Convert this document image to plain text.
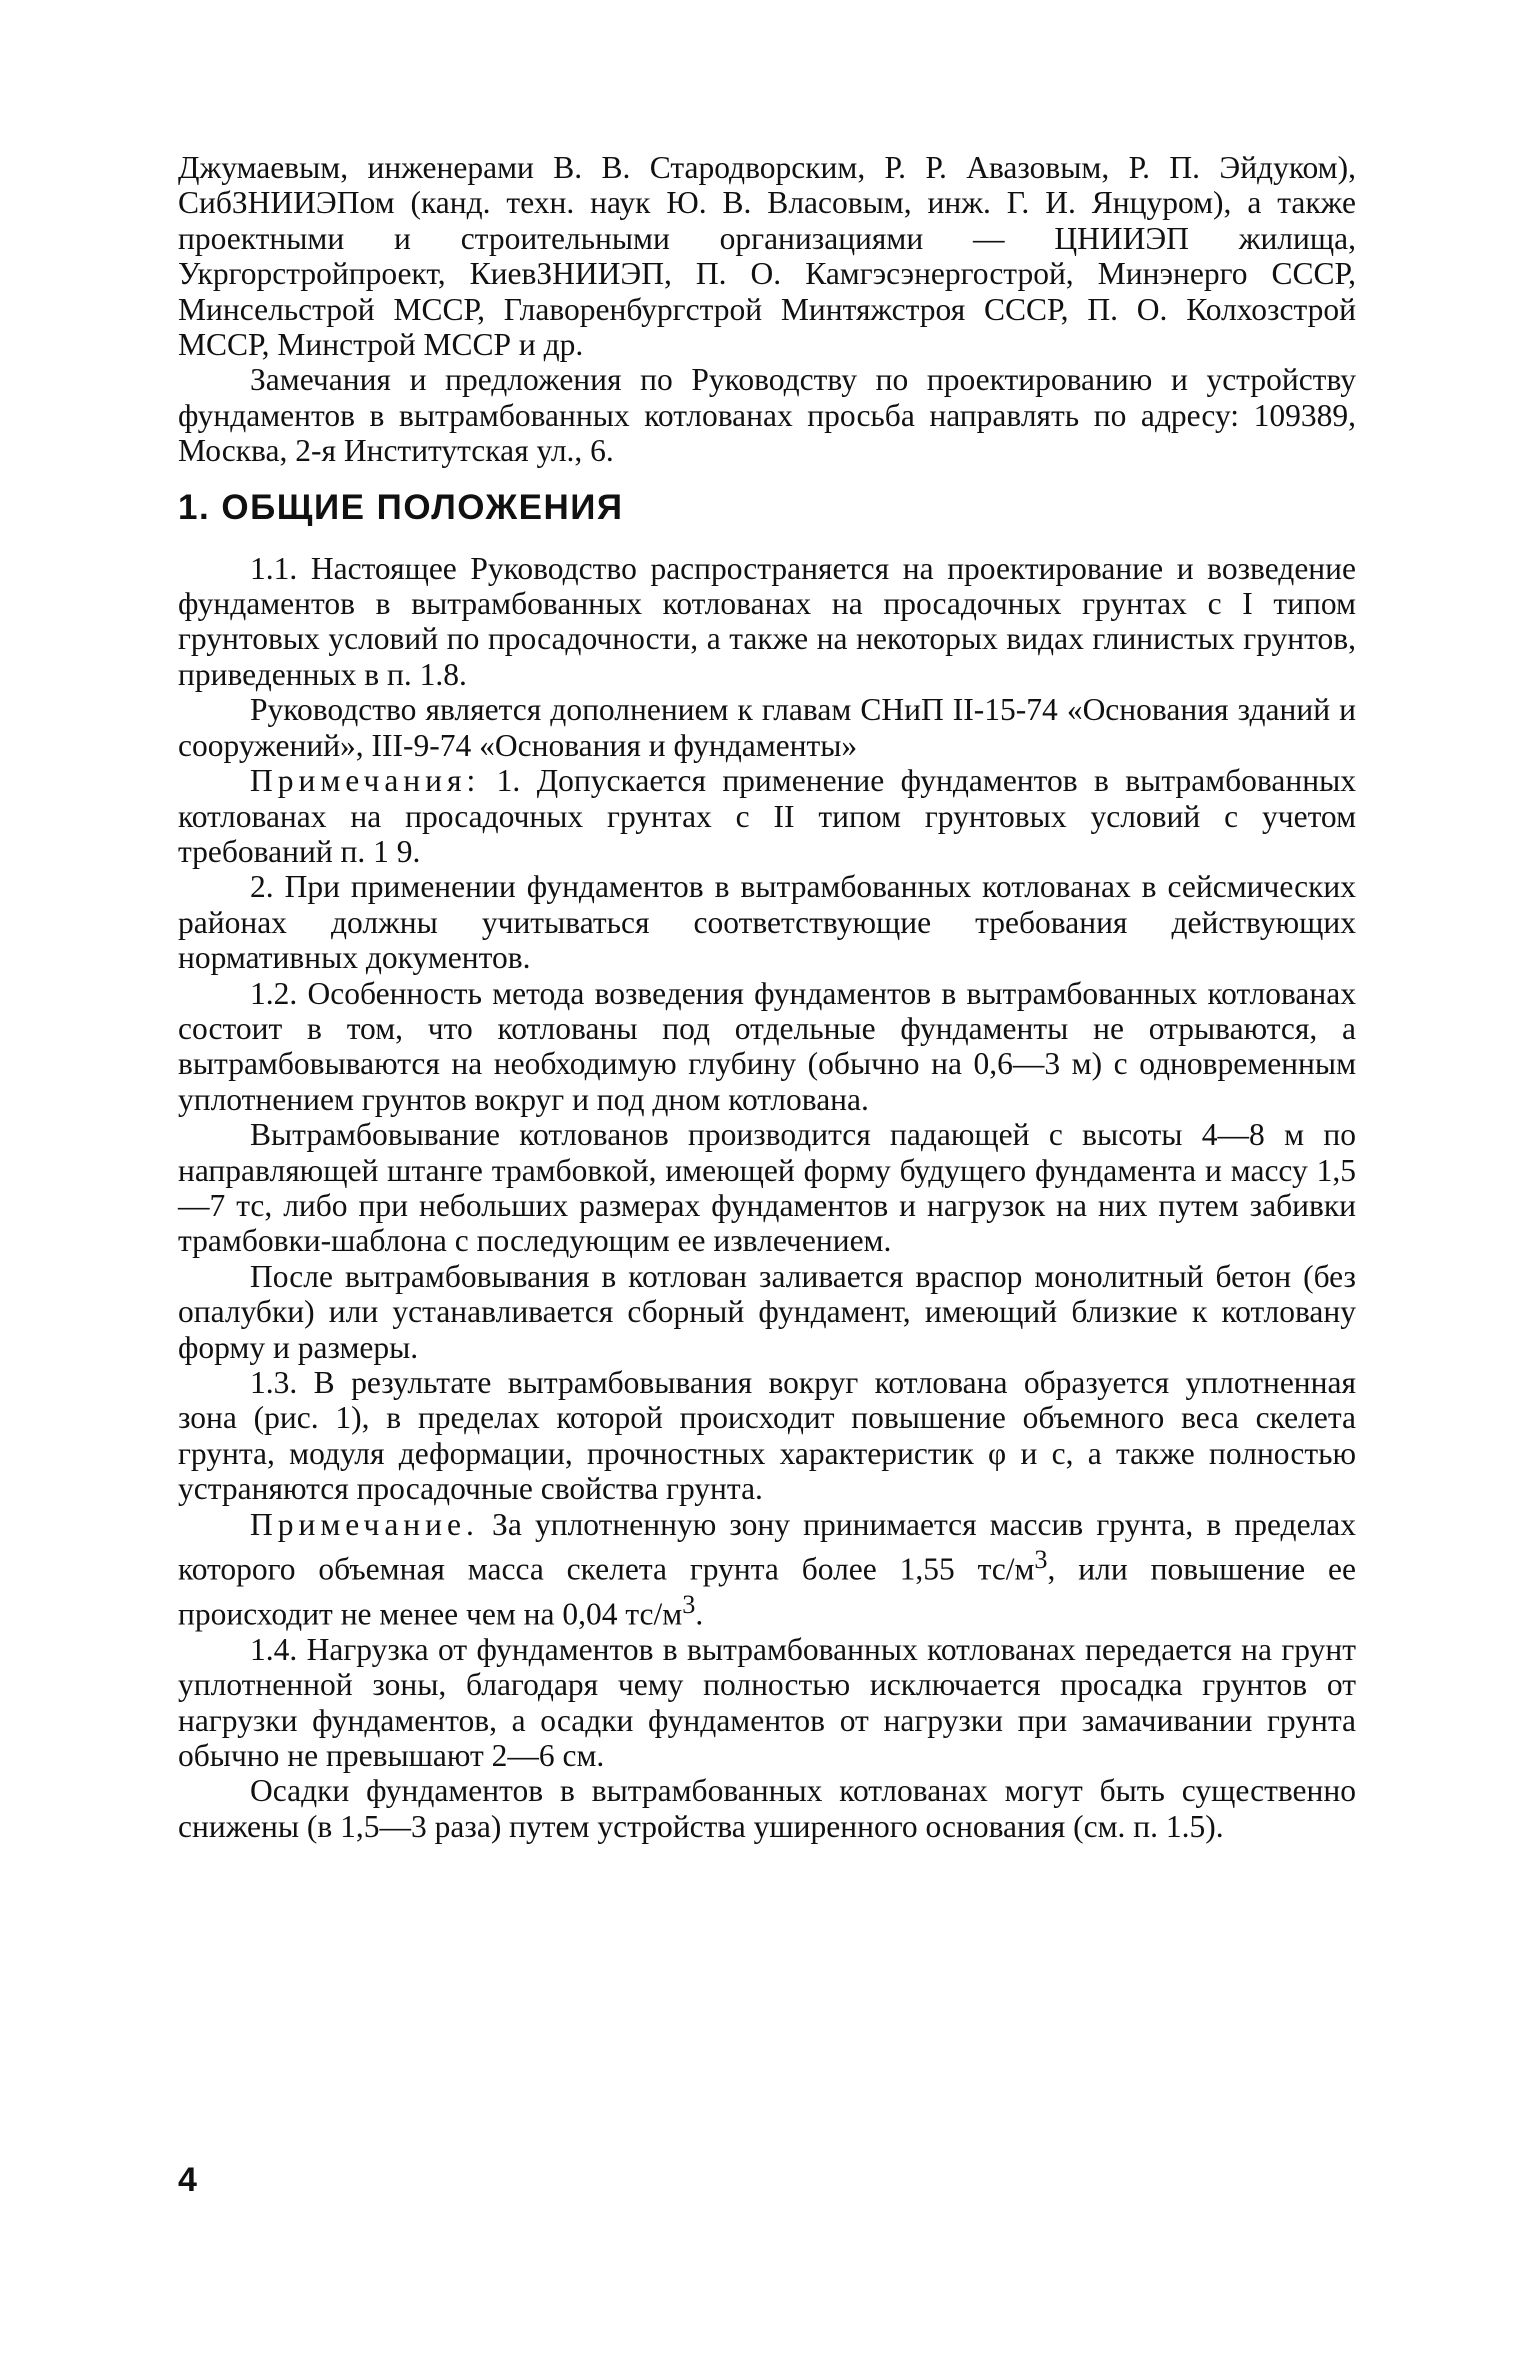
Джумаевым, инженерами В. В. Стародворским, Р. Р. Авазовым, Р. П. Эйдуком), СибЗНИИЭПом (канд. техн. наук Ю. В. Власовым, инж. Г. И. Янцуром), а также проектными и строительными организациями — ЦНИИЭП жилища, Укргорстройпроект, КиевЗНИИЭП, П. О. Камгэсэнергострой, Минэнерго СССР, Минсельстрой МССР, Главоренбургстрой Минтяжстроя СССР, П. О. Колхозстрой МССР, Минстрой МССР и др.

Замечания и предложения по Руководству по проектированию и устройству фундаментов в вытрамбованных котлованах просьба направлять по адресу: 109389, Москва, 2-я Институтская ул., 6.

1. ОБЩИЕ ПОЛОЖЕНИЯ

1.1. Настоящее Руководство распространяется на проектирование и возведение фундаментов в вытрамбованных котлованах на просадочных грунтах с I типом грунтовых условий по просадочности, а также на некоторых видах глинистых грунтов, приведенных в п. 1.8.

Руководство является дополнением к главам СНиП II-15-74 «Основания зданий и сооружений», III-9-74 «Основания и фундаменты»

Примечания: 1. Допускается применение фундаментов в вытрамбованных котлованах на просадочных грунтах с II типом грунтовых условий с учетом требований п. 1 9.

2. При применении фундаментов в вытрамбованных котлованах в сейсмических районах должны учитываться соответствующие требования действующих нормативных документов.

1.2. Особенность метода возведения фундаментов в вытрамбованных котлованах состоит в том, что котлованы под отдельные фундаменты не отрываются, а вытрамбовываются на необходимую глубину (обычно на 0,6—3 м) с одновременным уплотнением грунтов вокруг и под дном котлована.

Вытрамбовывание котлованов производится падающей с высоты 4—8 м по направляющей штанге трамбовкой, имеющей форму будущего фундамента и массу 1,5—7 тс, либо при небольших размерах фундаментов и нагрузок на них путем забивки трамбовки-шаблона с последующим ее извлечением.

После вытрамбовывания в котлован заливается враспор монолитный бетон (без опалубки) или устанавливается сборный фундамент, имеющий близкие к котловану форму и размеры.

1.3. В результате вытрамбовывания вокруг котлована образуется уплотненная зона (рис. 1), в пределах которой происходит повышение объемного веса скелета грунта, модуля деформации, прочностных характеристик φ и c, а также полностью устраняются просадочные свойства грунта.

Примечание. За уплотненную зону принимается массив грунта, в пределах которого объемная масса скелета грунта более 1,55 $тс/м^3$, или повышение ее происходит не менее чем на 0,04 $тс/м^3$.

1.4. Нагрузка от фундаментов в вытрамбованных котлованах передается на грунт уплотненной зоны, благодаря чему полностью исключается просадка грунтов от нагрузки фундаментов, а осадки фундаментов от нагрузки при замачивании грунта обычно не превышают 2—6 см.

Осадки фундаментов в вытрамбованных котлованах могут быть существенно снижены (в 1,5—3 раза) путем устройства уширенного основания (см. п. 1.5).

4
